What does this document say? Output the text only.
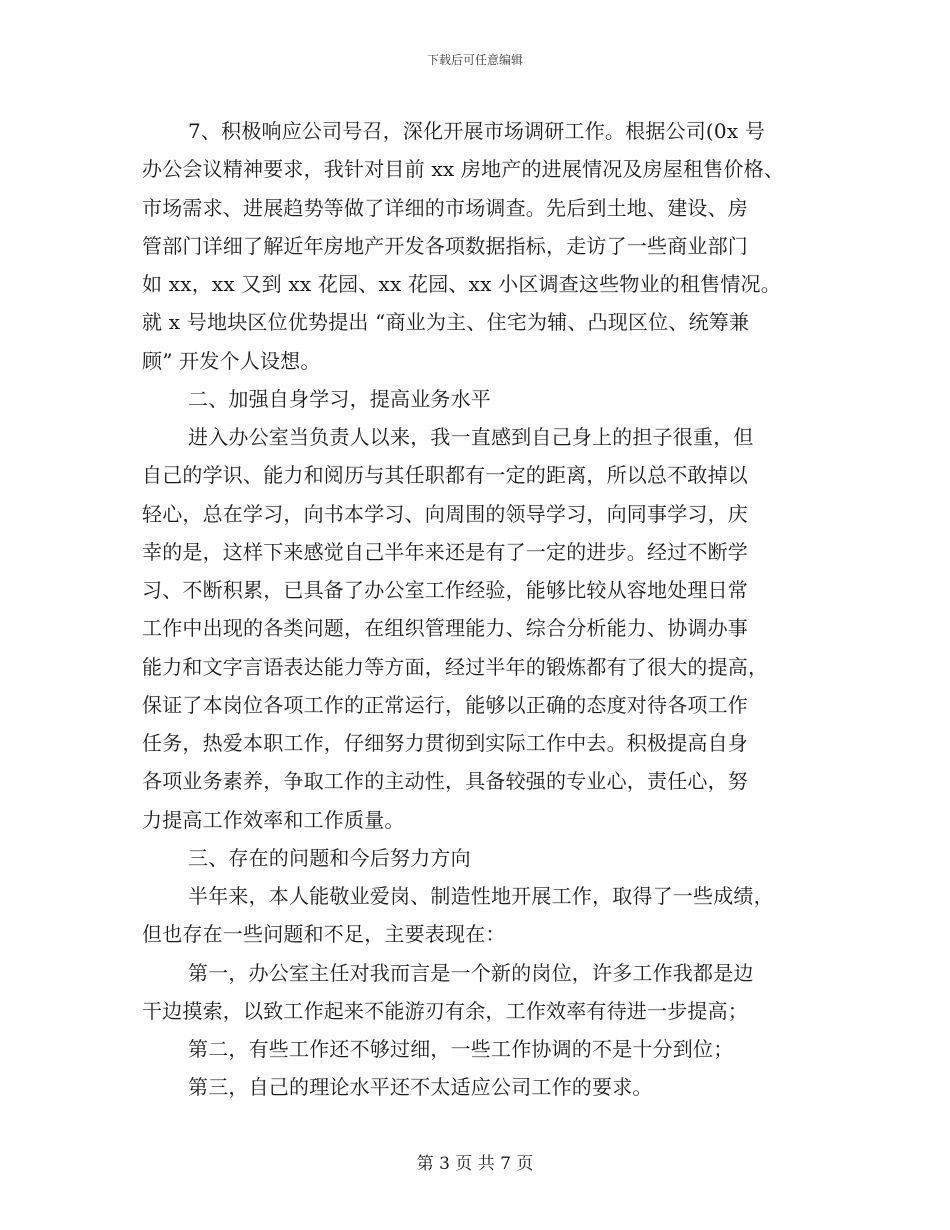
下载后可任意编辑
7、积极响应公司号召，深化开展市场调研工作。根据公司(0x 号
办公会议精神要求，我针对目前 xx 房地产的进展情况及房屋租售价格、
市场需求、进展趋势等做了详细的市场调查。先后到土地、建设、房
管部门详细了解近年房地产开发各项数据指标，走访了一些商业部门
如 xx，xx 又到 xx 花园、xx 花园、xx 小区调查这些物业的租售情况。
就 x 号地块区位优势提出 “商业为主、住宅为辅、凸现区位、统筹兼
顾” 开发个人设想。
二、加强自身学习，提高业务水平
进入办公室当负责人以来，我一直感到自己身上的担子很重，但
自己的学识、能力和阅历与其任职都有一定的距离，所以总不敢掉以
轻心，总在学习，向书本学习、向周围的领导学习，向同事学习，庆
幸的是，这样下来感觉自己半年来还是有了一定的进步。经过不断学
习、不断积累，已具备了办公室工作经验，能够比较从容地处理日常
工作中出现的各类问题，在组织管理能力、综合分析能力、协调办事
能力和文字言语表达能力等方面，经过半年的锻炼都有了很大的提高，
保证了本岗位各项工作的正常运行，能够以正确的态度对待各项工作
任务，热爱本职工作，仔细努力贯彻到实际工作中去。积极提高自身
各项业务素养，争取工作的主动性，具备较强的专业心，责任心，努
力提高工作效率和工作质量。
三、存在的问题和今后努力方向
半年来，本人能敬业爱岗、制造性地开展工作，取得了一些成绩，
但也存在一些问题和不足，主要表现在：
第一，办公室主任对我而言是一个新的岗位，许多工作我都是边
干边摸索，以致工作起来不能游刃有余，工作效率有待进一步提高；
第二，有些工作还不够过细，一些工作协调的不是十分到位；
第三，自己的理论水平还不太适应公司工作的要求。
第 3 页 共 7 页
